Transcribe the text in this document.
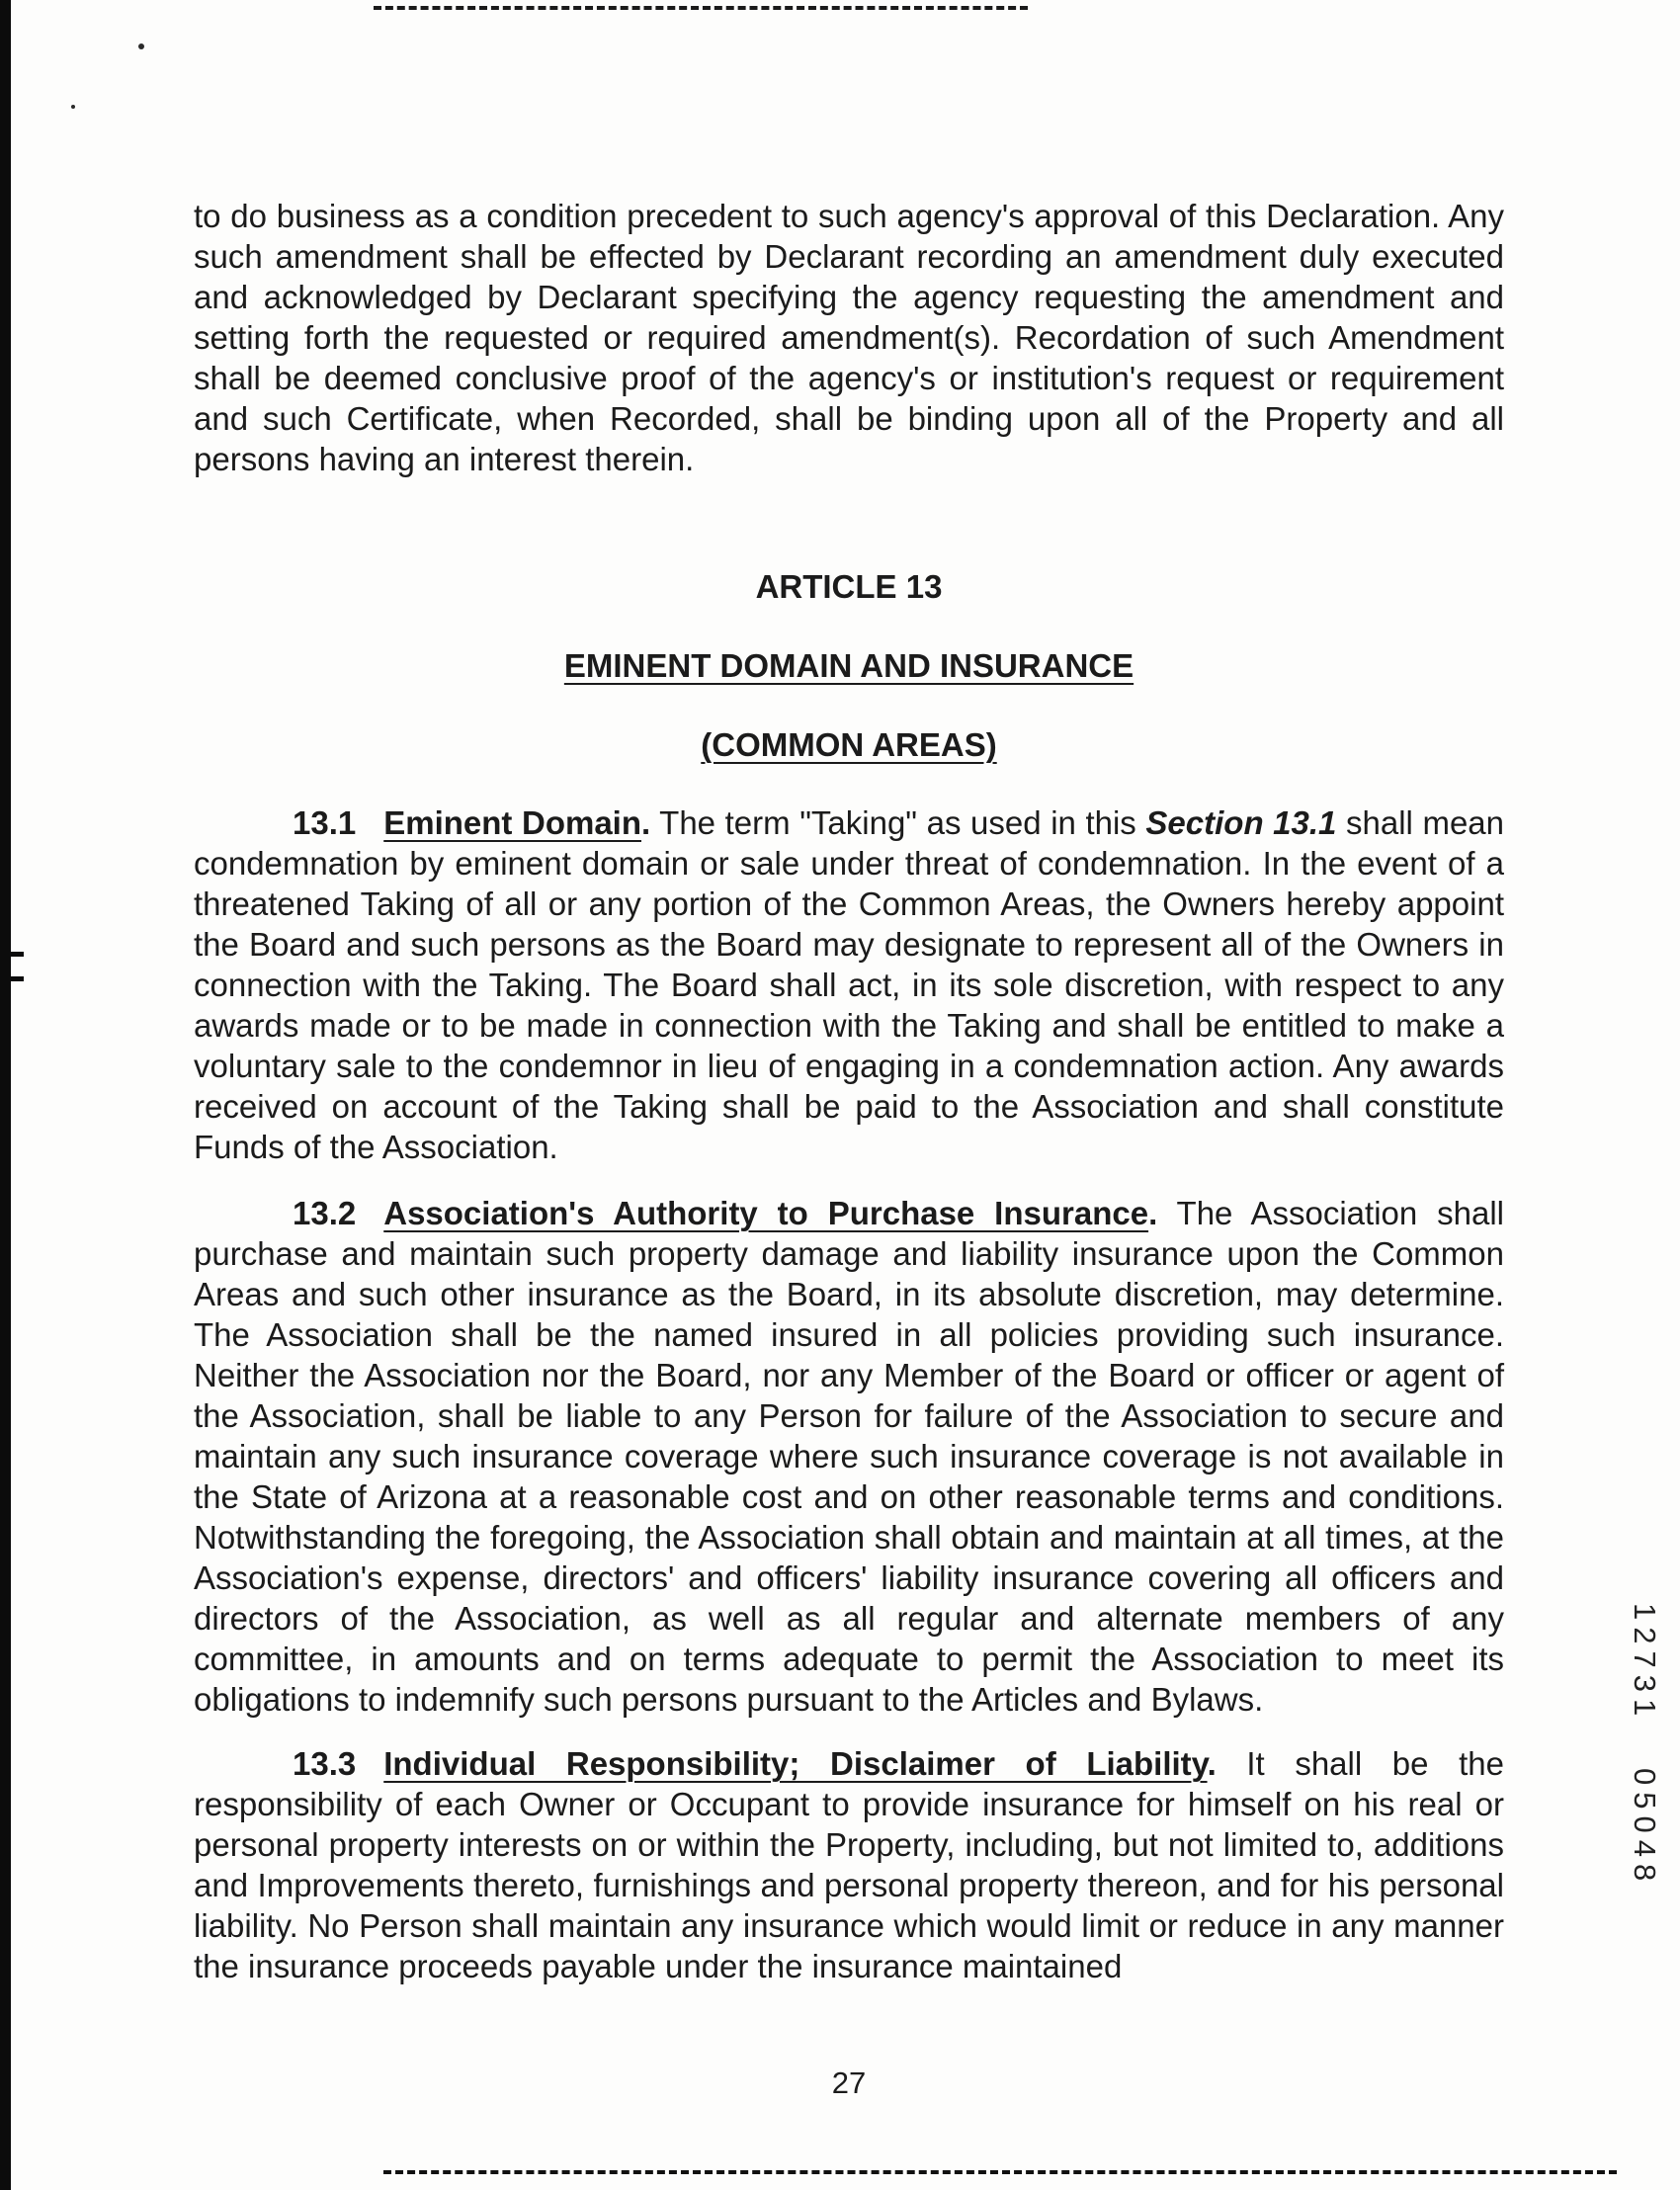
12731
05048

to do business as a condition precedent to such agency's approval of this Declaration. Any such amendment shall be effected by Declarant recording an amendment duly executed and acknowledged by Declarant specifying the agency requesting the amendment and setting forth the requested or required amendment(s). Recordation of such Amendment shall be deemed conclusive proof of the agency's or institution's request or requirement and such Certificate, when Recorded, shall be binding upon all of the Property and all persons having an interest therein.

ARTICLE 13
EMINENT DOMAIN AND INSURANCE
(COMMON AREAS)

13.1 Eminent Domain. The term "Taking" as used in this Section 13.1 shall mean condemnation by eminent domain or sale under threat of condemnation. In the event of a threatened Taking of all or any portion of the Common Areas, the Owners hereby appoint the Board and such persons as the Board may designate to represent all of the Owners in connection with the Taking. The Board shall act, in its sole discretion, with respect to any awards made or to be made in connection with the Taking and shall be entitled to make a voluntary sale to the condemnor in lieu of engaging in a condemnation action. Any awards received on account of the Taking shall be paid to the Association and shall constitute Funds of the Association.

13.2 Association's Authority to Purchase Insurance. The Association shall purchase and maintain such property damage and liability insurance upon the Common Areas and such other insurance as the Board, in its absolute discretion, may determine. The Association shall be the named insured in all policies providing such insurance. Neither the Association nor the Board, nor any Member of the Board or officer or agent of the Association, shall be liable to any Person for failure of the Association to secure and maintain any such insurance coverage where such insurance coverage is not available in the State of Arizona at a reasonable cost and on other reasonable terms and conditions. Notwithstanding the foregoing, the Association shall obtain and maintain at all times, at the Association's expense, directors' and officers' liability insurance covering all officers and directors of the Association, as well as all regular and alternate members of any committee, in amounts and on terms adequate to permit the Association to meet its obligations to indemnify such persons pursuant to the Articles and Bylaws.

13.3 Individual Responsibility; Disclaimer of Liability. It shall be the responsibility of each Owner or Occupant to provide insurance for himself on his real or personal property interests on or within the Property, including, but not limited to, additions and Improvements thereto, furnishings and personal property thereon, and for his personal liability. No Person shall maintain any insurance which would limit or reduce in any manner the insurance proceeds payable under the insurance maintained

27
